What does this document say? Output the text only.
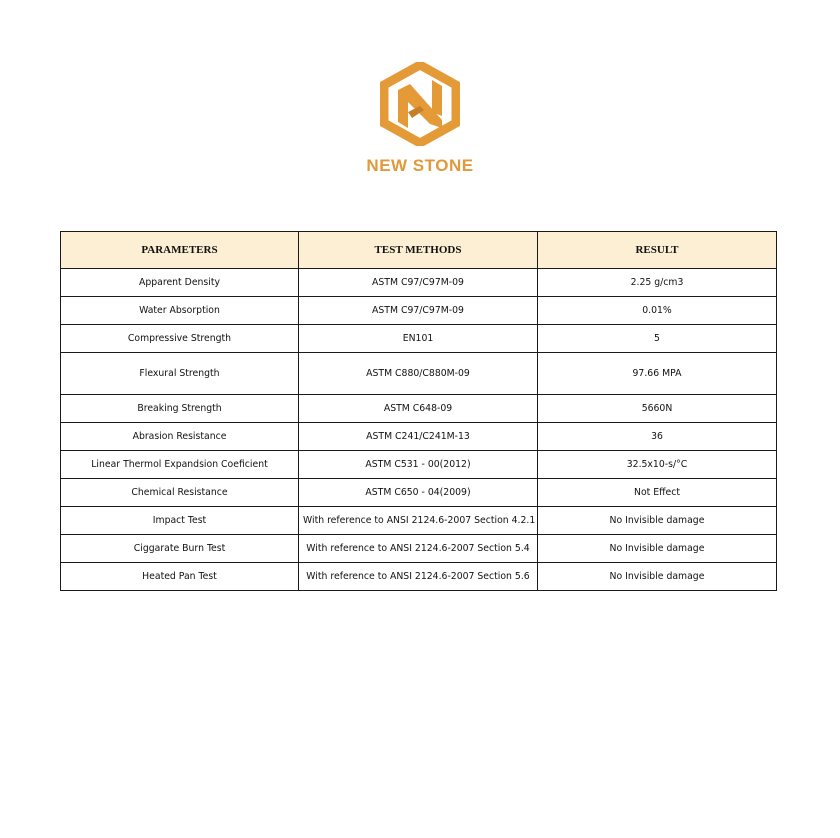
NEW STONE
PARAMETERS	TEST METHODS	RESULT
Apparent Density	ASTM C97/C97M-09	2.25 g/cm3
Water Absorption	ASTM C97/C97M-09	0.01%
Compressive Strength	EN101	5
Flexural Strength	ASTM C880/C880M-09	97.66 MPA
Breaking Strength	ASTM C648-09	5660N
Abrasion Resistance	ASTM C241/C241M-13	36
Linear Thermol Expandsion Coeficient	ASTM C531 - 00(2012)	32.5x10-s/°C
Chemical Resistance	ASTM C650 - 04(2009)	Not Effect
Impact Test	With reference to ANSI 2124.6-2007 Section 4.2.1	No Invisible damage
Ciggarate Burn Test	With reference to ANSI 2124.6-2007 Section 5.4	No Invisible damage
Heated Pan Test	With reference to ANSI 2124.6-2007 Section 5.6	No Invisible damage
